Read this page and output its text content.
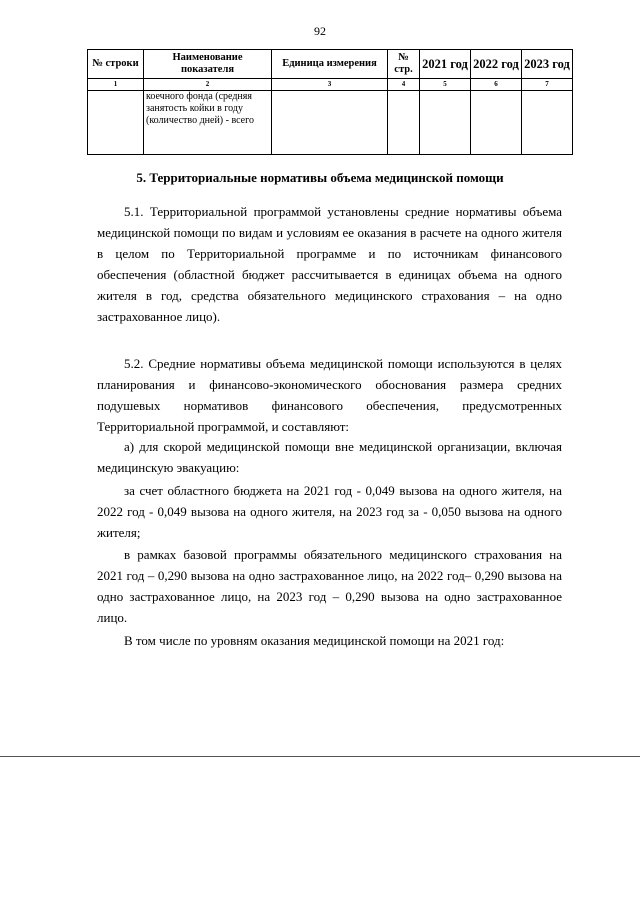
92
№ строки	Наименование показателя	Единица измерения	№ стр.	2021 год	2022 год	2023 год
1	2	3	4	5	6	7
	коечного фонда (средняя занятость койки в году (количество дней) - всего					
5. Территориальные нормативы объема медицинской помощи

5.1. Территориальной программой установлены средние нормативы объема медицинской помощи по видам и условиям ее оказания в расчете на одного жителя в целом по Территориальной программе и по источникам финансового обеспечения (областной бюджет рассчитывается в единицах объема на одного жителя в год, средства обязательного медицинского страхования – на одно застрахованное лицо).

5.2. Средние нормативы объема медицинской помощи используются в целях планирования и финансово-экономического обоснования размера средних подушевых нормативов финансового обеспечения, предусмотренных Территориальной программой, и составляют:

а) для скорой медицинской помощи вне медицинской организации, включая медицинскую эвакуацию:

за счет областного бюджета на 2021 год - 0,049 вызова на одного жителя, на 2022 год - 0,049 вызова на одного жителя, на 2023 год за - 0,050 вызова на одного жителя;

в рамках базовой программы обязательного медицинского страхования на 2021 год – 0,290 вызова на одно застрахованное лицо, на 2022 год– 0,290 вызова на одно застрахованное лицо, на 2023 год – 0,290 вызова на одно застрахованное лицо.

В том числе по уровням оказания медицинской помощи на 2021 год:
